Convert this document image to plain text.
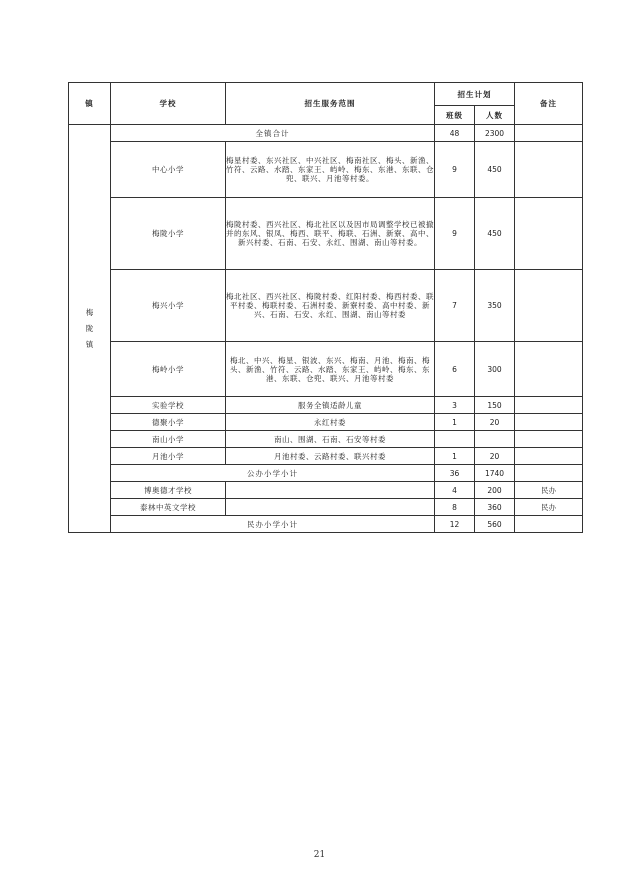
镇	学校	招生服务范围	招生计划		备注
			班级	人数	

梅陇镇	全镇合计		48	2300	
	中心小学	梅星村委、东兴社区、中兴社区、梅南社区、梅头、新渔、竹符、云路、水踏、东家王、屿岭、梅东、东港、东联、仓兜、联兴、月池等村委。	9	450	
	梅陇小学	梅陇村委、西兴社区、梅北社区以及因市局调整学校已被撤并的东风、银凤、梅西、联平、梅联、石洲、新寮、高中、新兴村委、石南、石安、永红、围湖、南山等村委。	9	450	
	梅兴小学	梅北社区、西兴社区、梅陇村委、红阳村委、梅西村委、联平村委、梅联村委、石洲村委、新寮村委、高中村委、新兴、石南、石安、永红、围湖、南山等村委	7	350	
	梅岭小学	梅北、中兴、梅星、银波、东兴、梅南、月池、梅南、梅头、新渔、竹符、云路、水踏、东家王、屿岭、梅东、东港、东联、仓兜、联兴、月池等村委	6	300	
	实验学校	服务全镇适龄儿童	3	150	
	德聚小学	永红村委	1	20	
	南山小学	南山、围湖、石南、石安等村委			
	月池小学	月池村委、云路村委、联兴村委	1	20	
	公办小学小计		36	1740	
	博奥德才学校		4	200	民办
	泰林中英文学校		8	360	民办
	民办小学小计		12	560	
21
